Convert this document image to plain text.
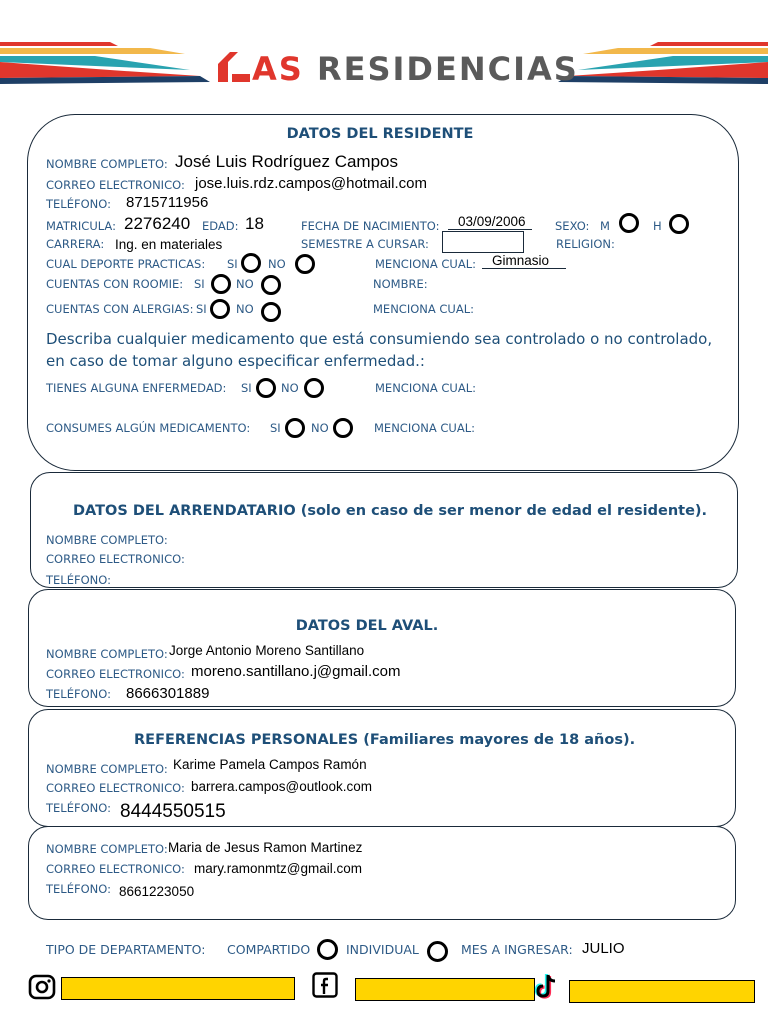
AS RESIDENCIAS
DATOS DEL RESIDENTE
NOMBRE COMPLETO: José Luis Rodríguez Campos
CORREO ELECTRONICO: jose.luis.rdz.campos@hotmail.com
TELÉFONO: 8715711956
MATRICULA: 2276240 EDAD: 18	FECHA DE NACIMIENTO: 03/09/2006	SEXO: M	H
CARRERA: Ing. en materiales	SEMESTRE A CURSAR:	RELIGION:
CUAL DEPORTE PRACTICAS: SI	NO	MENCIONA CUAL: Gimnasio
CUENTAS CON ROOMIE: SI	NO	NOMBRE:
CUENTAS CON ALERGIAS: SI	NO	MENCIONA CUAL:
Describa cualquier medicamento que está consumiendo sea controlado o no controlado,
en caso de tomar alguno especificar enfermedad.:
TIENES ALGUNA ENFERMEDAD: SI	NO	MENCIONA CUAL:
CONSUMES ALGÚN MEDICAMENTO: SI	NO	MENCIONA CUAL:
DATOS DEL ARRENDATARIO (solo en caso de ser menor de edad el residente).
NOMBRE COMPLETO:
CORREO ELECTRONICO:
TELÉFONO:
DATOS DEL AVAL.
NOMBRE COMPLETO: Jorge Antonio Moreno Santillano
CORREO ELECTRONICO: moreno.santillano.j@gmail.com
TELÉFONO: 8666301889
REFERENCIAS PERSONALES (Familiares mayores de 18 años).
NOMBRE COMPLETO: Karime Pamela Campos Ramón
CORREO ELECTRONICO: barrera.campos@outlook.com
TELÉFONO: 8444550515
NOMBRE COMPLETO: Maria de Jesus Ramon Martinez
CORREO ELECTRONICO: mary.ramonmtz@gmail.com
TELÉFONO: 8661223050
TIPO DE DEPARTAMENTO: COMPARTIDO	INDIVIDUAL	MES A INGRESAR: JULIO
